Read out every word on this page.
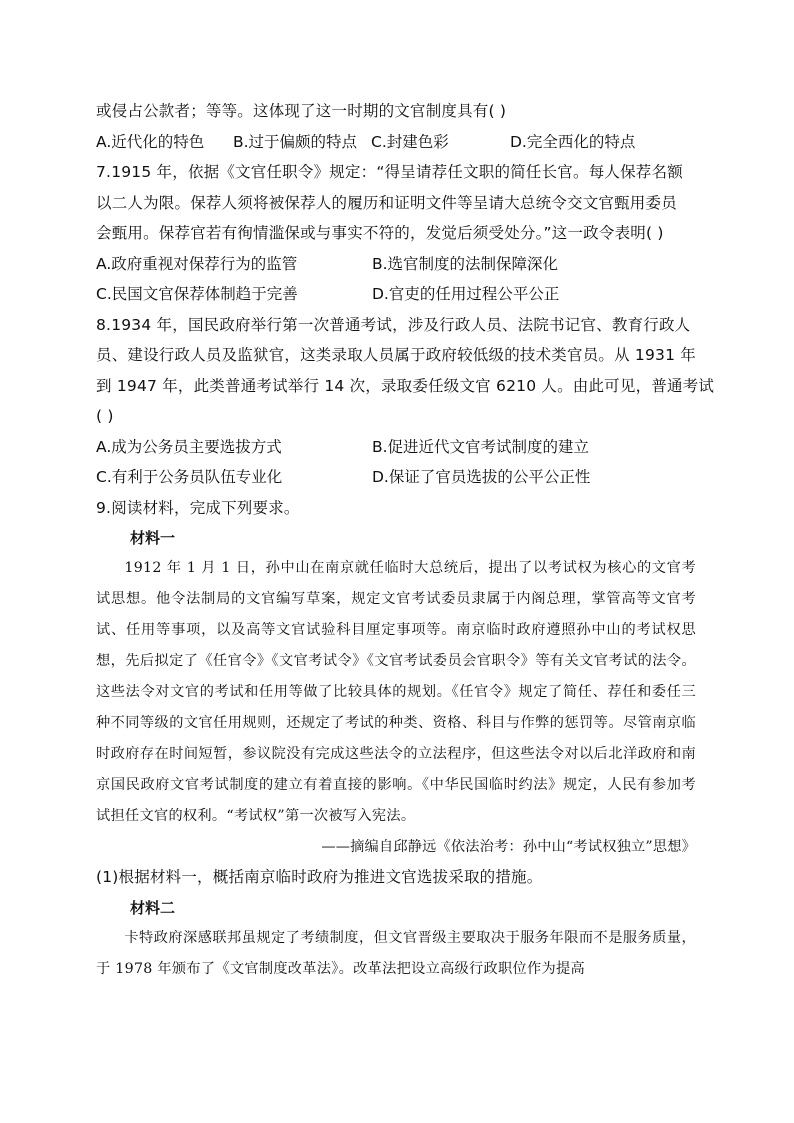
或侵占公款者；等等。这体现了这一时期的文官制度具有( )
A.近代化的特色	B.过于偏颇的特点 C.封建色彩	D.完全西化的特点
7.1915 年，依据《文官任职令》规定：“得呈请荐任文职的简任长官。每人保荐名额
以二人为限。保荐人须将被保荐人的履历和证明文件等呈请大总统令交文官甄用委员
会甄用。保荐官若有徇情滥保或与事实不符的，发觉后须受处分。”这一政令表明( )
A.政府重视对保荐行为的监管	B.选官制度的法制保障深化
C.民国文官保荐体制趋于完善	D.官吏的任用过程公平公正
8.1934 年，国民政府举行第一次普通考试，涉及行政人员、法院书记官、教育行政人
员、建设行政人员及监狱官，这类录取人员属于政府较低级的技术类官员。从 1931 年
到 1947 年，此类普通考试举行 14 次，录取委任级文官 6210 人。由此可见，普通考试
( )
A.成为公务员主要选拔方式	B.促进近代文官考试制度的建立
C.有利于公务员队伍专业化	D.保证了官员选拔的公平公正性
9.阅读材料，完成下列要求。
材料一
1912 年 1 月 1 日，孙中山在南京就任临时大总统后，提出了以考试权为核心的文官考试思想。他令法制局的文官编写草案，规定文官考试委员隶属于内阁总理，掌管高等文官考试、任用等事项，以及高等文官试验科目厘定事项等。南京临时政府遵照孙中山的考试权思想，先后拟定了《任官令》《文官考试令》《文官考试委员会官职令》等有关文官考试的法令。这些法令对文官的考试和任用等做了比较具体的规划。《任官令》规定了简任、荐任和委任三种不同等级的文官任用规则，还规定了考试的种类、资格、科目与作弊的惩罚等。尽管南京临时政府存在时间短暂，参议院没有完成这些法令的立法程序，但这些法令对以后北洋政府和南京国民政府文官考试制度的建立有着直接的影响。《中华民国临时约法》规定，人民有参加考试担任文官的权利。“考试权”第一次被写入宪法。
——摘编自邱静远《依法治考：孙中山“考试权独立”思想》
(1)根据材料一，概括南京临时政府为推进文官选拔采取的措施。
材料二
卡特政府深感联邦虽规定了考绩制度，但文官晋级主要取决于服务年限而不是服务质量，于 1978 年颁布了《文官制度改革法》。改革法把设立高级行政职位作为提高
